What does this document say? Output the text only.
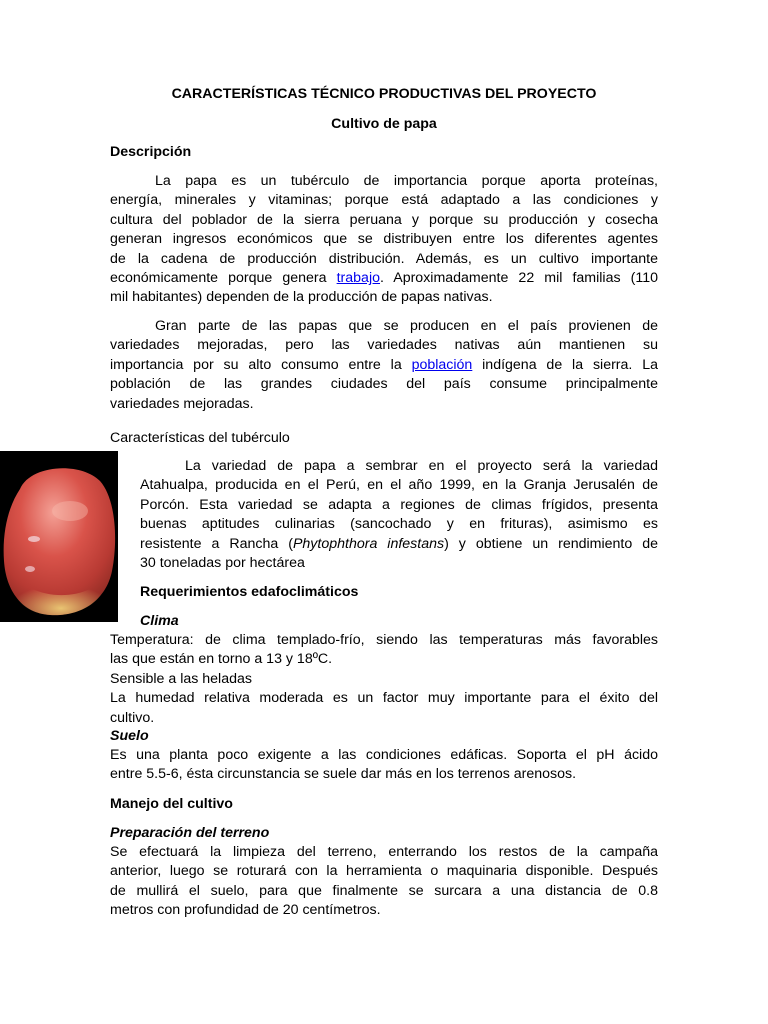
CARACTERÍSTICAS TÉCNICO PRODUCTIVAS DEL PROYECTO
Cultivo de papa
Descripción
La papa es un tubérculo de importancia porque aporta proteínas,
energía, minerales y vitaminas; porque está adaptado a las condiciones y
cultura del poblador de la sierra peruana y porque su producción y cosecha
generan ingresos económicos que se distribuyen entre los diferentes agentes
de la cadena de producción distribución. Además, es un cultivo importante
económicamente porque genera trabajo. Aproximadamente 22 mil familias (110
mil habitantes) dependen de la producción de papas nativas.
Gran parte de las papas que se producen en el país provienen de
variedades mejoradas, pero las variedades nativas aún mantienen su
importancia por su alto consumo entre la población indígena de la sierra. La
población de las grandes ciudades del país consume principalmente
variedades mejoradas.
Características del tubérculo
La variedad de papa a sembrar en el proyecto será la variedad
Atahualpa, producida en el Perú, en el año 1999, en la Granja Jerusalén de
Porcón. Esta variedad se adapta a regiones de climas frígidos, presenta
buenas aptitudes culinarias (sancochado y en frituras), asimismo es
resistente a Rancha (Phytophthora infestans) y obtiene un rendimiento de
30 toneladas por hectárea
Requerimientos edafoclimáticos
Clima
Temperatura: de clima templado-frío, siendo las temperaturas más favorables
las que están en torno a 13 y 18ºC.
Sensible a las heladas
La humedad relativa moderada es un factor muy importante para el éxito del
cultivo.
Suelo
Es una planta poco exigente a las condiciones edáficas. Soporta el pH ácido
entre 5.5-6, ésta circunstancia se suele dar más en los terrenos arenosos.
Manejo del cultivo
Preparación del terreno
Se efectuará la limpieza del terreno, enterrando los restos de la campaña
anterior, luego se roturará con la herramienta o maquinaria disponible. Después
de mullirá el suelo, para que finalmente se surcara a una distancia de 0.8
metros con profundidad de 20 centímetros.
